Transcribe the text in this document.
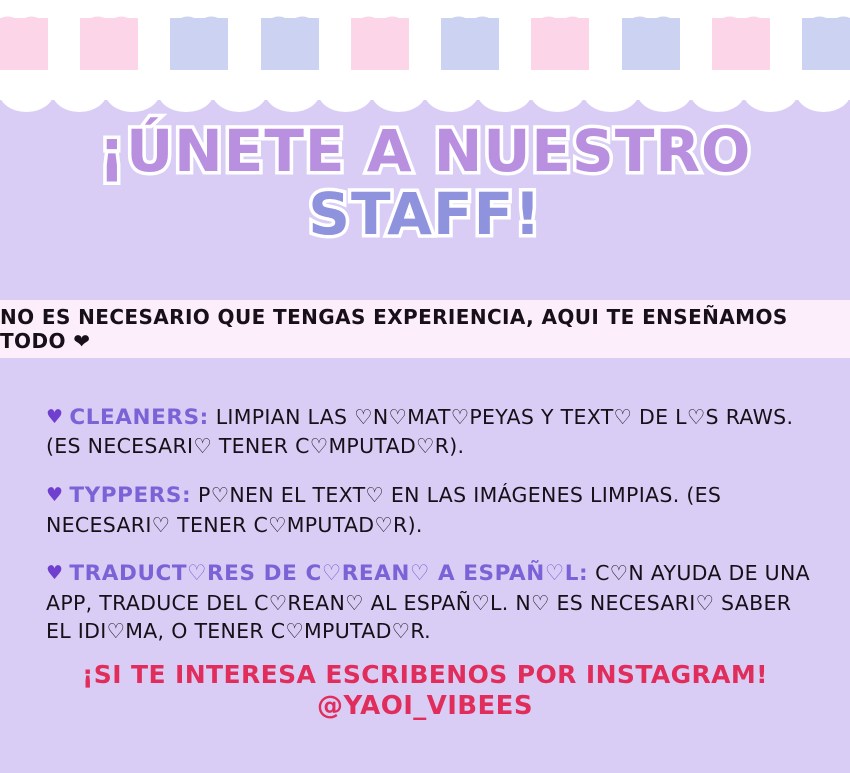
¡ÚNETE A NUESTRO
STAFF!
NO ES NECESARIO QUE TENGAS EXPERIENCIA, AQUI TE ENSEÑAMOS TODO ❤

♥ CLEANERS: LIMPIAN LAS ♡N♡MAT♡PEYAS Y TEXT♡ DE L♡S RAWS. (ES NECESARI♡ TENER C♡MPUTAD♡R).

♥ TYPPERS: P♡NEN EL TEXT♡ EN LAS IMÁGENES LIMPIAS. (ES NECESARI♡ TENER C♡MPUTAD♡R).

♥ TRADUCT♡RES DE C♡REAN♡ A ESPAÑ♡L: C♡N AYUDA DE UNA APP, TRADUCE DEL C♡REAN♡ AL ESPAÑ♡L. N♡ ES NECESARI♡ SABER EL IDI♡MA, O TENER C♡MPUTAD♡R.

¡SI TE INTERESA ESCRIBENOS POR INSTAGRAM!
@YAOI_VIBEES
